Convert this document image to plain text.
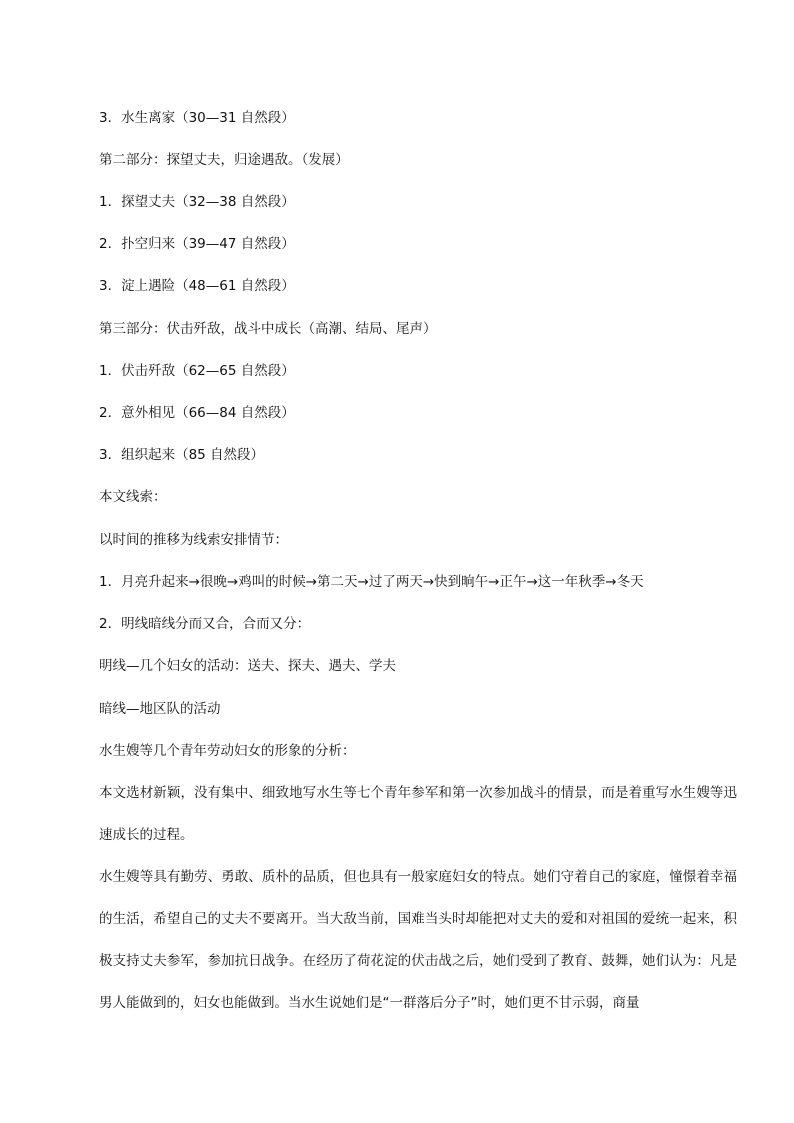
3．水生离家（30—31 自然段）
第二部分：探望丈夫，归途遇敌。（发展）
1．探望丈夫（32—38 自然段）
2．扑空归来（39—47 自然段）
3．淀上遇险（48—61 自然段）
第三部分：伏击歼敌，战斗中成长（高潮、结局、尾声）
1．伏击歼敌（62—65 自然段）
2．意外相见（66—84 自然段）
3．组织起来（85 自然段）
本文线索：
以时间的推移为线索安排情节：
1．月亮升起来→很晚→鸡叫的时候→第二天→过了两天→快到晌午→正午→这一年秋季→冬天
2．明线暗线分而又合，合而又分：
明线—几个妇女的活动：送夫、探夫、遇夫、学夫
暗线—地区队的活动
水生嫂等几个青年劳动妇女的形象的分析：
本文选材新颖，没有集中、细致地写水生等七个青年参军和第一次参加战斗的情景，而是着重写水生嫂等迅速成长的过程。
水生嫂等具有勤劳、勇敢、质朴的品质，但也具有一般家庭妇女的特点。她们守着自己的家庭，憧憬着幸福的生活，希望自己的丈夫不要离开。当大敌当前，国难当头时却能把对丈夫的爱和对祖国的爱统一起来，积极支持丈夫参军，参加抗日战争。在经历了荷花淀的伏击战之后，她们受到了教育、鼓舞，她们认为：凡是男人能做到的，妇女也能做到。当水生说她们是“一群落后分子”时，她们更不甘示弱，商量
